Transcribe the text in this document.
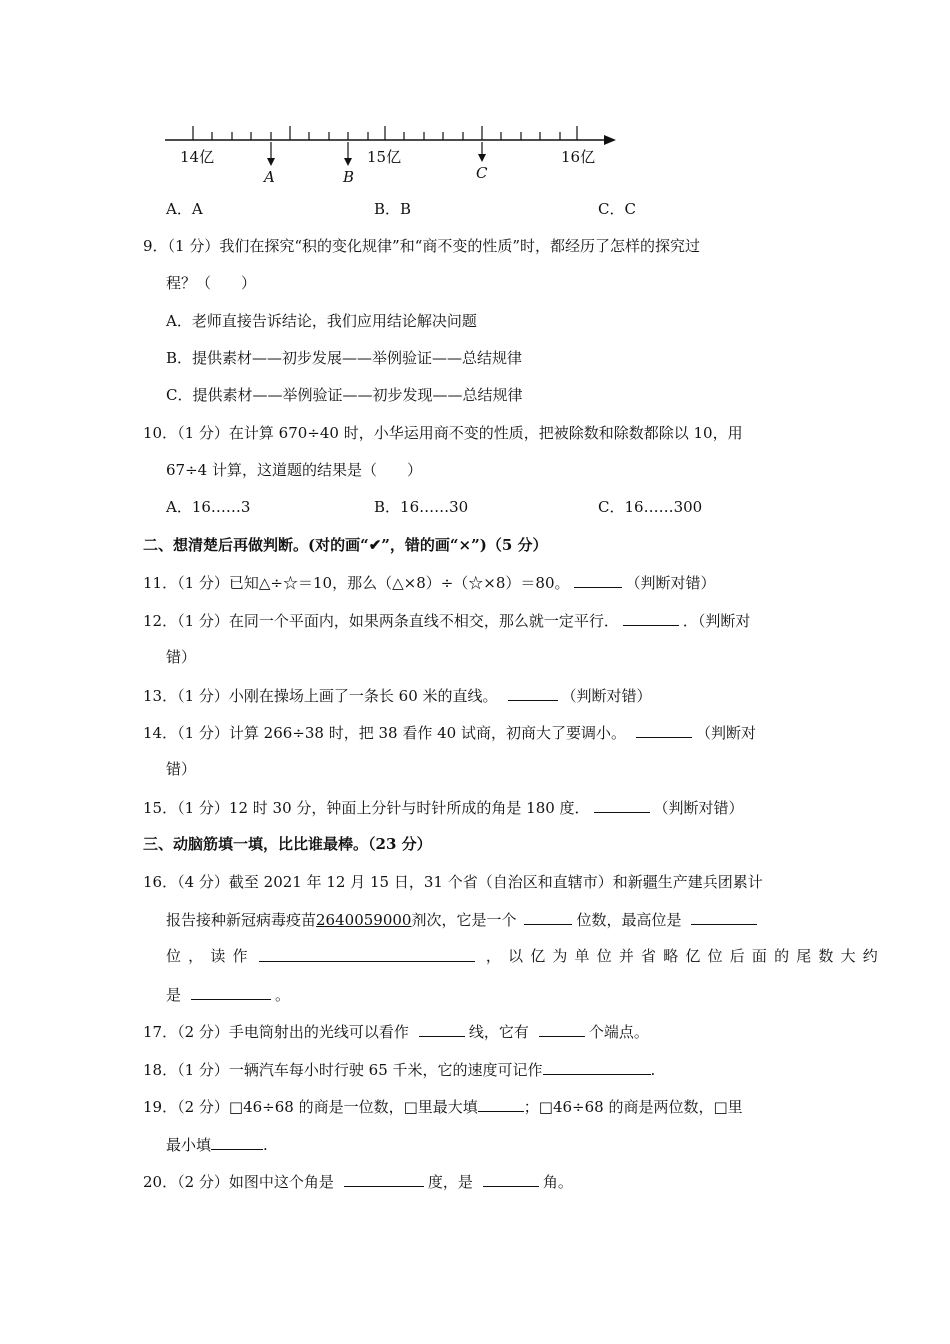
14亿	15亿	16亿
A	B	C
A．A	B．B	C．C
9．（1 分）我们在探究“积的变化规律”和“商不变的性质”时，都经历了怎样的探究过
程？（　　）
A．老师直接告诉结论，我们应用结论解决问题
B．提供素材——初步发展——举例验证——总结规律
C．提供素材——举例验证——初步发现——总结规律
10．（1 分）在计算 670÷40 时，小华运用商不变的性质，把被除数和除数都除以 10，用
67÷4 计算，这道题的结果是（　　）
A．16……3	B．16……30	C．16……300
二、想清楚后再做判断。(对的画“✔”，错的画“×”)（5 分）
11．（1 分）已知△÷☆＝10，那么（△×8）÷（☆×8）＝80。	（判断对错）
12．（1 分）在同一个平面内，如果两条直线不相交，那么就一定平行．	．（判断对
错）
13．（1 分）小刚在操场上画了一条长 60 米的直线。	（判断对错）
14．（1 分）计算 266÷38 时，把 38 看作 40 试商，初商大了要调小。	（判断对
错）
15．（1 分）12 时 30 分，钟面上分针与时针所成的角是 180 度．	（判断对错）
三、动脑筋填一填，比比谁最棒。（23 分）
16．（4 分）截至 2021 年 12 月 15 日，31 个省（自治区和直辖市）和新疆生产建兵团累计
报告接种新冠病毒疫苗2640059000剂次，它是一个	位数，最高位是
位 ， 读 作	， 以 亿 为 单 位 并 省 略 亿 位 后 面 的 尾 数 大 约
是	。
17．（2 分）手电筒射出的光线可以看作	线，它有	个端点。
18．（1 分）一辆汽车每小时行驶 65 千米，它的速度可记作	.
19．（2 分）□46÷68 的商是一位数，□里最大填	；□46÷68 的商是两位数，□里
最小填	.
20．（2 分）如图中这个角是	度，是	角。
